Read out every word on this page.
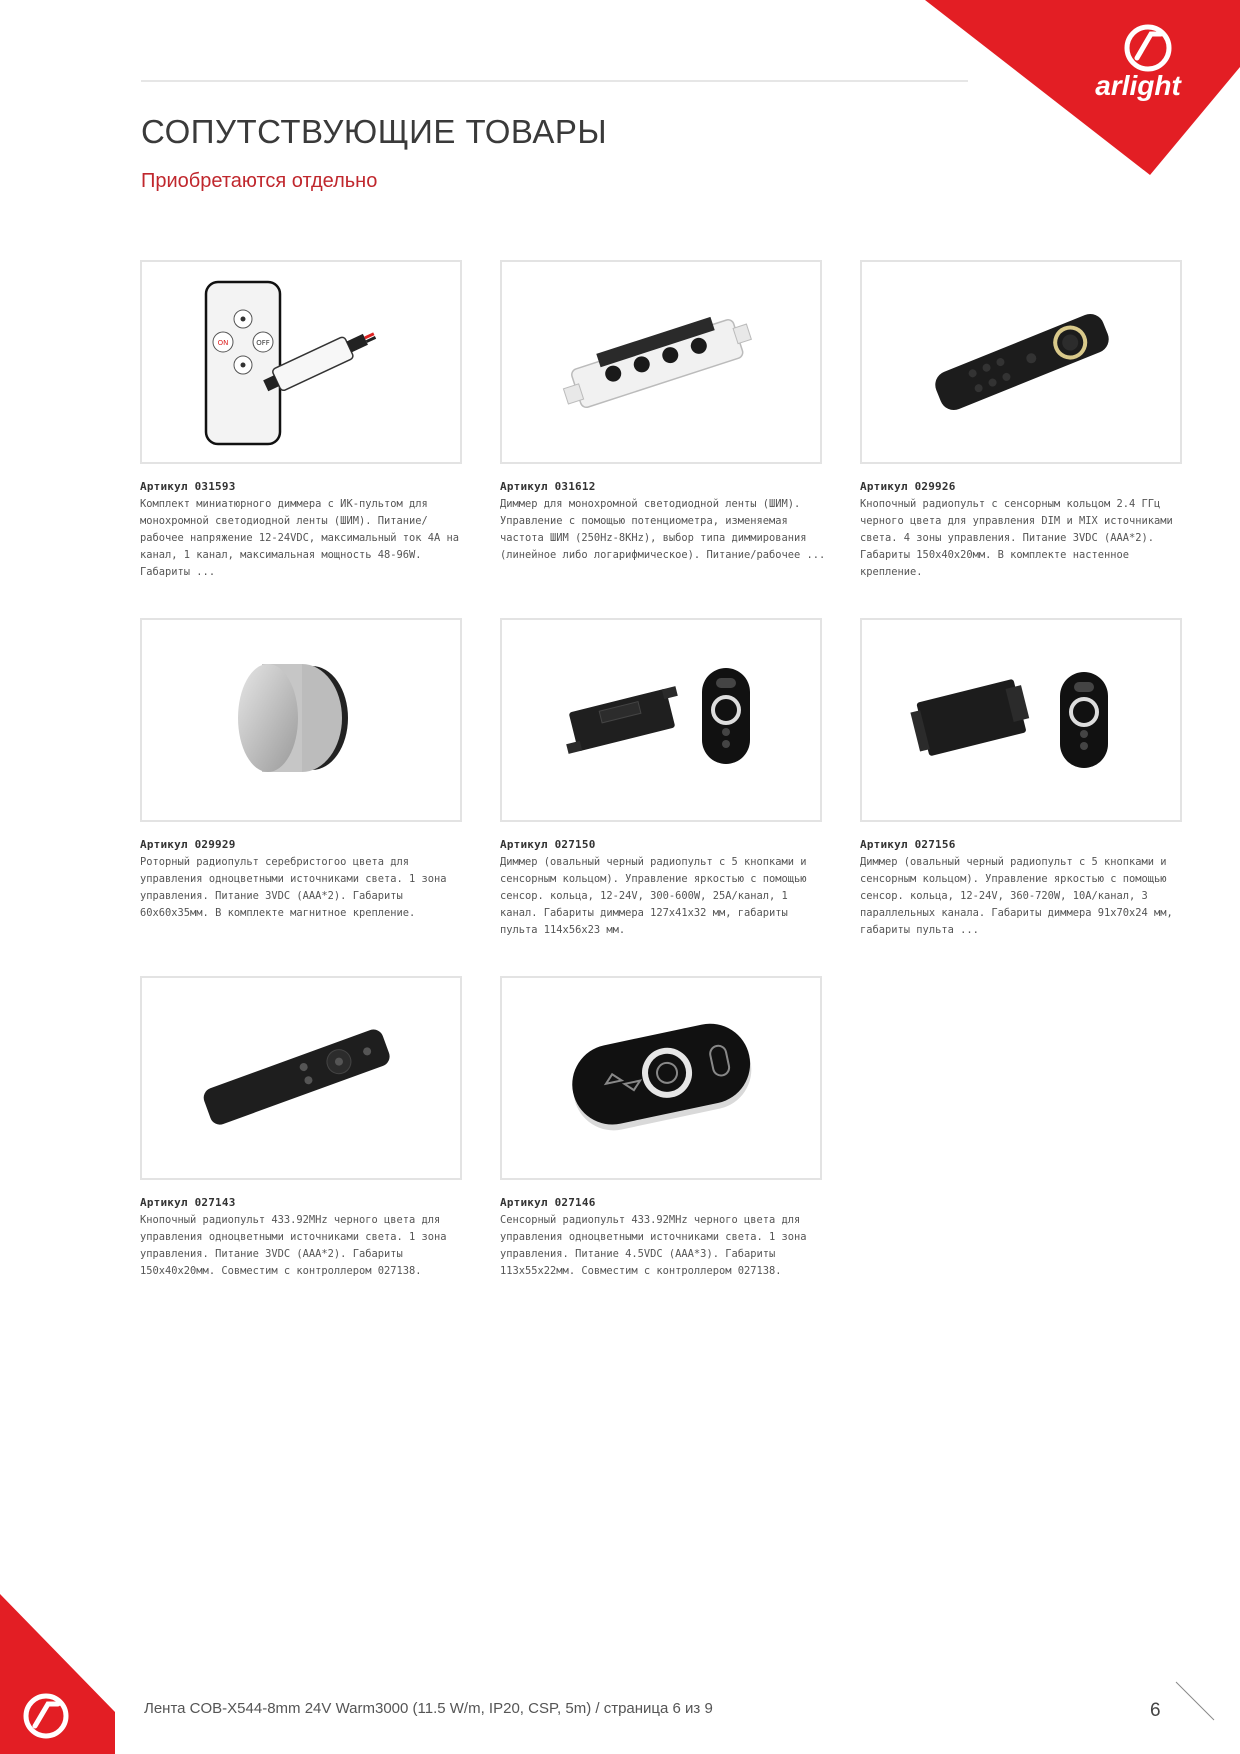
arlight
СОПУТСТВУЮЩИЕ ТОВАРЫ

Приобретаются отдельно

ON	OFF
Артикул 031593
Комплект миниатюрного диммера с ИК-пультом для монохромной светодиодной ленты (ШИМ). Питание/рабочее напряжение 12-24VDC, максимальный ток 4A на канал, 1 канал, максимальная мощность 48-96W. Габариты ...
Артикул 031612
Диммер для монохромной светодиодной ленты (ШИМ). Управление с помощью потенциометра, изменяемая частота ШИМ (250Hz-8KHz), выбор типа диммирования (линейное либо логарифмическое). Питание/рабочее ...
Артикул 029926
Кнопочный радиопульт с сенсорным кольцом 2.4 ГГц черного цвета для управления DIM и MIX источниками света. 4 зоны управления. Питание 3VDC (AAA*2). Габариты 150x40x20мм. В комплекте настенное крепление.
Артикул 029929
Роторный радиопульт серебристогоо цвета для управления одноцветными источниками света. 1 зона управления. Питание 3VDC (AAA*2). Габариты 60x60x35мм. В комплекте магнитное крепление.
Артикул 027150
Диммер (овальный черный радиопульт с 5 кнопками и сенсорным кольцом). Управление яркостью с помощью сенсор. кольца, 12-24V, 300-600W, 25A/канал, 1 канал. Габариты диммера 127x41x32 мм, габариты пульта 114x56x23 мм.
Артикул 027156
Диммер (овальный черный радиопульт с 5 кнопками и сенсорным кольцом). Управление яркостью с помощью сенсор. кольца, 12-24V, 360-720W, 10A/канал, 3 параллельных канала. Габариты диммера 91x70x24 мм, габариты пульта ...
Артикул 027143
Кнопочный радиопульт 433.92MHz черного цвета для управления одноцветными источниками света. 1 зона управления. Питание 3VDC (AAA*2). Габариты 150x40x20мм. Совместим с контроллером 027138.
Артикул 027146
Сенсорный радиопульт 433.92MHz черного цвета для управления одноцветными источниками света. 1 зона управления. Питание 4.5VDC (AAA*3). Габариты 113x55x22мм. Совместим с контроллером 027138.
Лента COB-X544-8mm 24V Warm3000 (11.5 W/m, IP20, CSP, 5m) / страница 6 из 9	6
